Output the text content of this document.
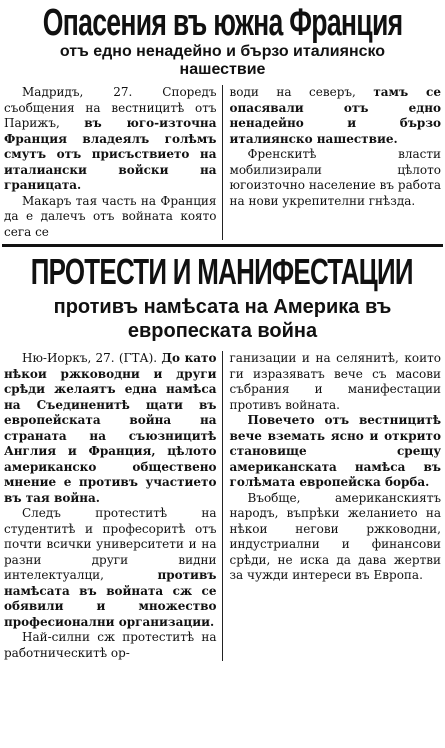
Опасения въ южна Франция
отъ едно ненадейно и бързо италиянско нашествие

Мадридъ, 27. Споредъ съобщения на вестницитѣ отъ Парижъ, въ юго-източна Франция владеялъ голѣмъ смутъ отъ присъствието на италиански войски на границата.

Макаръ тая часть на Франция да е далечъ отъ войната която сега се

води на северъ, тамъ се опасявали отъ едно ненадейно и бързо италиянско нашествие.

Френскитѣ власти мобилизирали цѣлото югоизточно население въ работа на нови укрепителни гнѣзда.

ПРОТЕСТИ И МАНИФЕСТАЦИИ
противъ намѣсата на Америка въ европеската война

Ню-Иоркъ, 27. (ГТА). До като нѣкои ржководни и други срѣди желаятъ една намѣса на Съединенитѣ щати въ европейската война на страната на съюзницитѣ Англия и Франция, цѣлото американско обществено мнение е противъ участието въ тая война.

Следъ протеститѣ на студентитѣ и професоритѣ отъ почти всички университети и на разни други видни интелектуалци,	противъ намѣсата въ войната сж се обявили и множество професионални организации.

Най-силни сж протеститѣ на работническитѣ ор-

ганизации и на селянитѣ, които ги изразяватъ вече съ масови събрания и манифестации противъ войната.

Повечето отъ вестницитѣ вече вземать ясно и открито становище срещу американската намѣса въ голѣмата европейска борба.

Въобще, американскиятъ народъ, въпрѣки желанието на нѣкои негови ржководни, индустриални и финансови срѣди, не иска да дава жертви за чужди интереси въ Европа.
